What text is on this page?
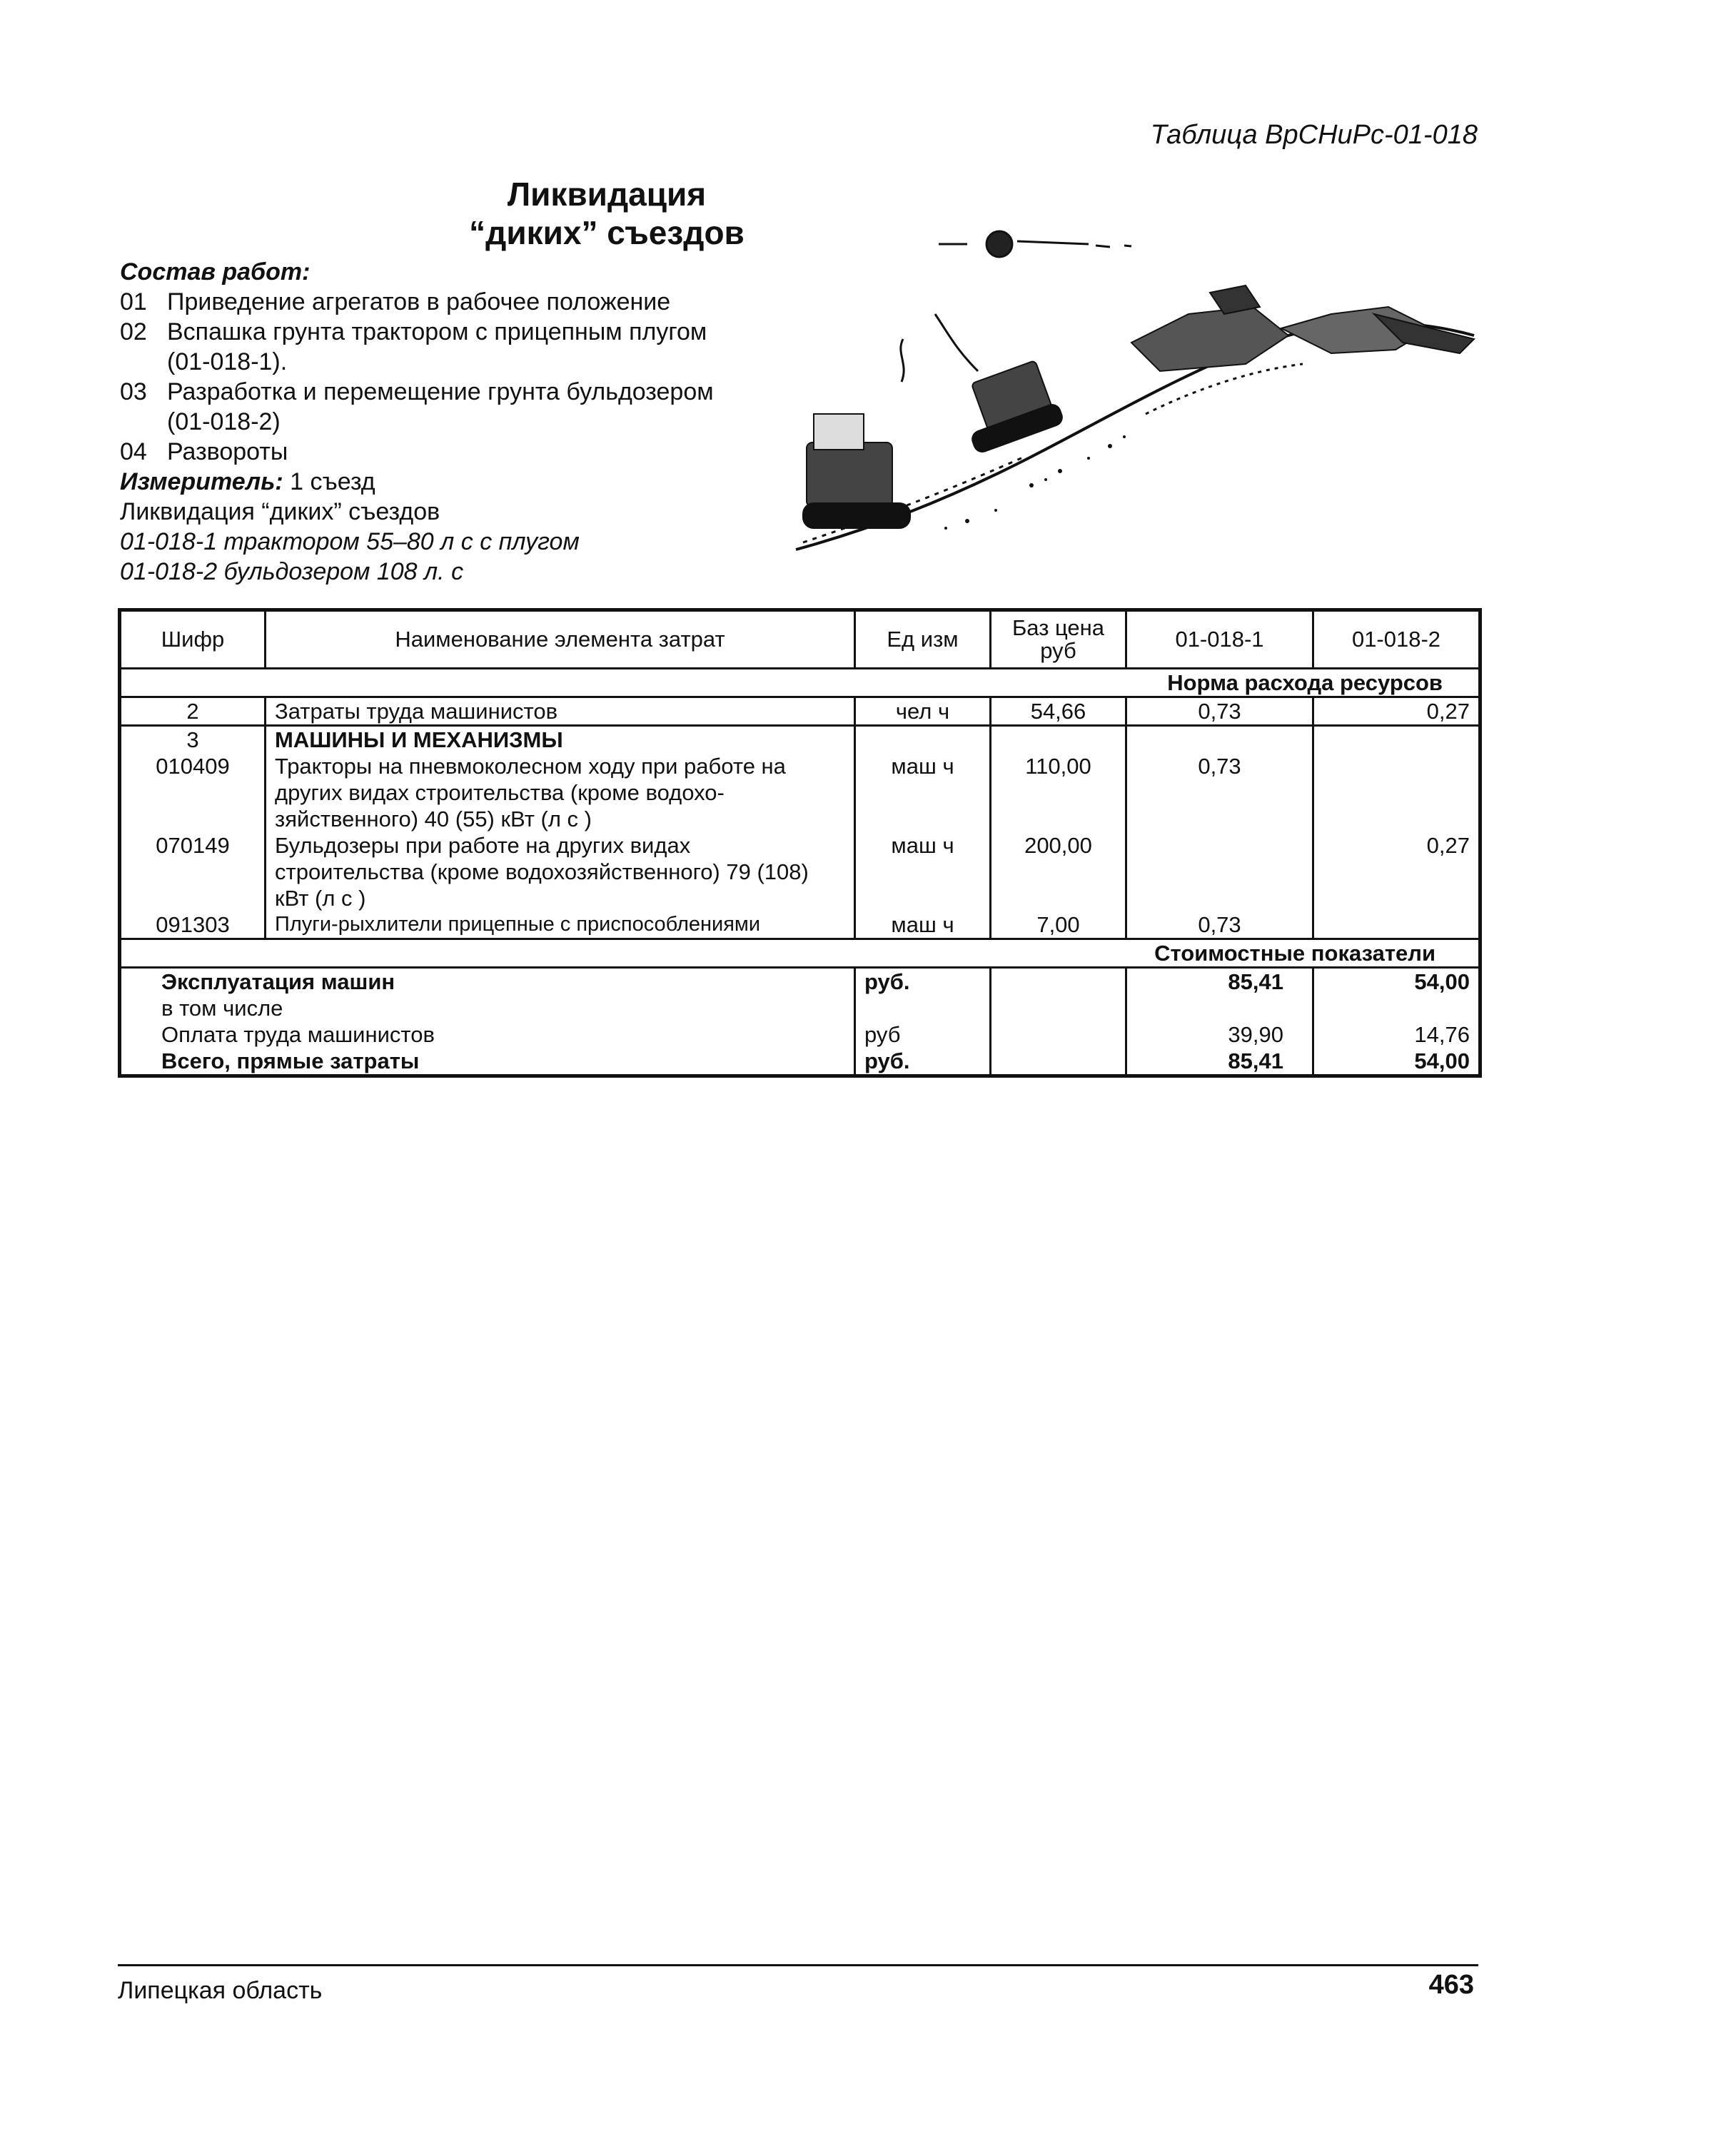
Таблица ВрСНиРс-01-018
Ликвидация
“диких” съездов
Состав работ:
01 Приведение агрегатов в рабочее положение
02 Вспашка грунта трактором с прицепным плугом
(01-018-1).
03 Разработка и перемещение грунта бульдозером
(01-018-2)
04 Развороты
Измеритель: 1 съезд
Ликвидация “диких” съездов
01-018-1 трактором 55–80 л с с плугом
01-018-2 бульдозером 108 л. с
Шифр	Наименование элемента затрат	Ед изм	Баз цена руб	01-018-1	01-018-2
Норма расхода ресурсов					
2	Затраты труда машинистов	чел ч	54,66	0,73	0,27
3	МАШИНЫ И МЕХАНИЗМЫ				
010409	Тракторы на пневмоколесном ходу при работе на других видах строительства (кроме водохо-зяйственного) 40 (55) кВт (л с )	маш ч	110,00	0,73	
070149	Бульдозеры при работе на других видах строительства (кроме водохозяйственного) 79 (108) кВт (л с )	маш ч	200,00		0,27
091303	Плуги-рыхлители прицепные с приспособлениями	маш ч	7,00	0,73	
Стоимостные показатели					
Эксплуатация машин		руб.		85,41	54,00
в том числе					
Оплата труда машинистов		руб		39,90	14,76
Всего, прямые затраты		руб.		85,41	54,00
Липецкая область	463
